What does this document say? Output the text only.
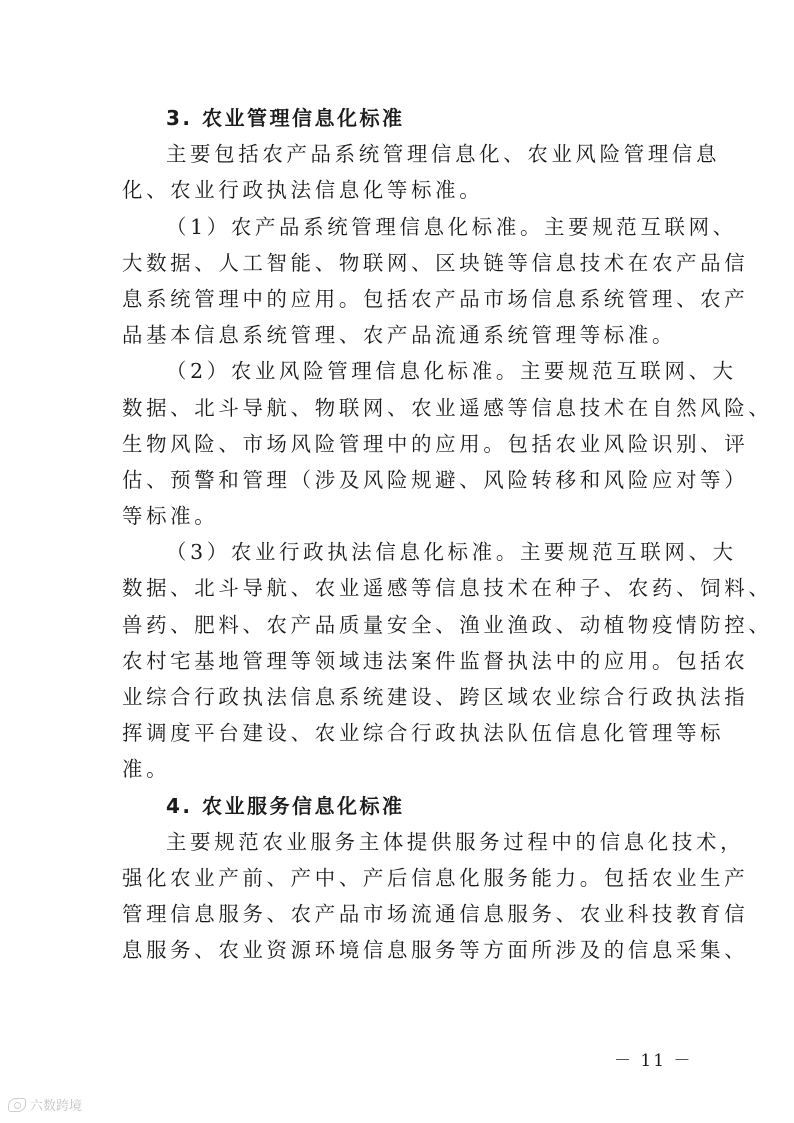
3. 农业管理信息化标准
主要包括农产品系统管理信息化、农业风险管理信息
化、农业行政执法信息化等标准。
（1）农产品系统管理信息化标准。主要规范互联网、
大数据、人工智能、物联网、区块链等信息技术在农产品信
息系统管理中的应用。包括农产品市场信息系统管理、农产
品基本信息系统管理、农产品流通系统管理等标准。
（2）农业风险管理信息化标准。主要规范互联网、大
数据、北斗导航、物联网、农业遥感等信息技术在自然风险、
生物风险、市场风险管理中的应用。包括农业风险识别、评
估、预警和管理（涉及风险规避、风险转移和风险应对等）
等标准。
（3）农业行政执法信息化标准。主要规范互联网、大
数据、北斗导航、农业遥感等信息技术在种子、农药、饲料、
兽药、肥料、农产品质量安全、渔业渔政、动植物疫情防控、
农村宅基地管理等领域违法案件监督执法中的应用。包括农
业综合行政执法信息系统建设、跨区域农业综合行政执法指
挥调度平台建设、农业综合行政执法队伍信息化管理等标
准。
4. 农业服务信息化标准
主要规范农业服务主体提供服务过程中的信息化技术，
强化农业产前、产中、产后信息化服务能力。包括农业生产
管理信息服务、农产品市场流通信息服务、农业科技教育信
息服务、农业资源环境信息服务等方面所涉及的信息采集、
－ 11 －
六数跨境
